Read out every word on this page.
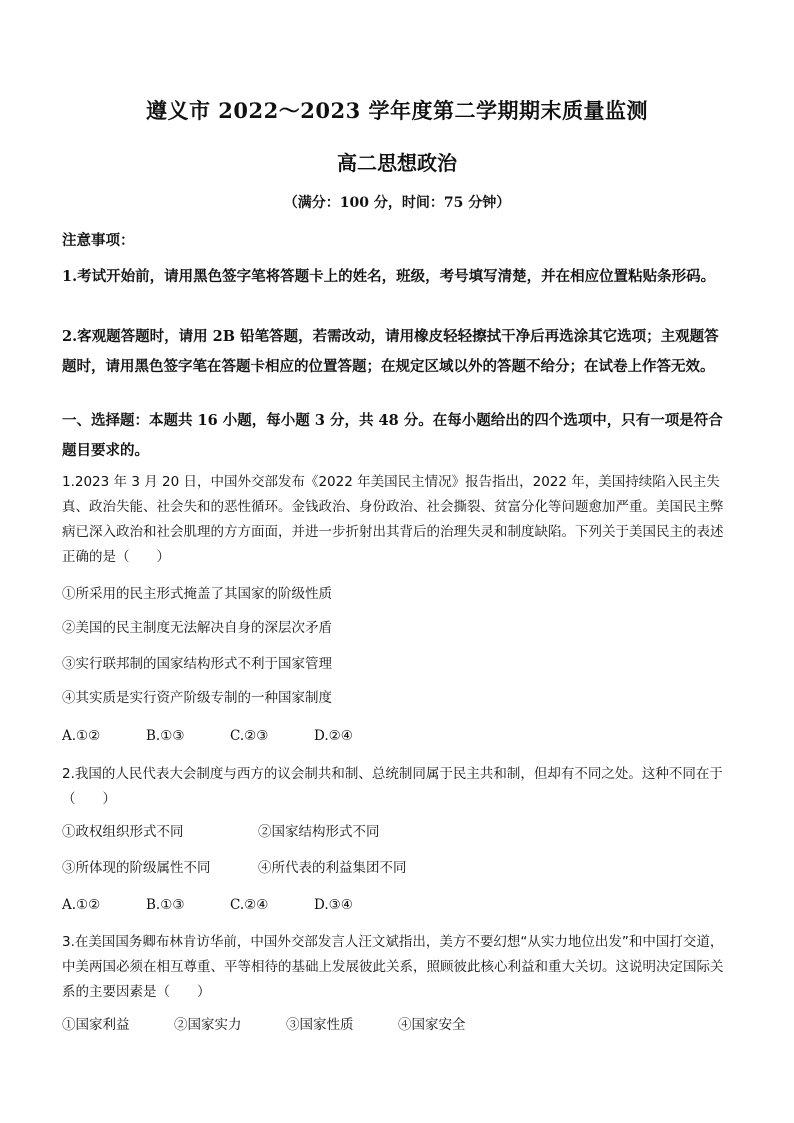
遵义市 2022～2023 学年度第二学期期末质量监测
高二思想政治
（满分：100 分，时间：75 分钟）
注意事项：
1.考试开始前，请用黑色签字笔将答题卡上的姓名，班级，考号填写清楚，并在相应位置粘贴条形码。
2.客观题答题时，请用 2B 铅笔答题，若需改动，请用橡皮轻轻擦拭干净后再选涂其它选项；主观题答题时，请用黑色签字笔在答题卡相应的位置答题；在规定区域以外的答题不给分；在试卷上作答无效。
一、选择题：本题共 16 小题，每小题 3 分，共 48 分。在每小题给出的四个选项中，只有一项是符合题目要求的。
1.2023 年 3 月 20 日，中国外交部发布《2022 年美国民主情况》报告指出，2022 年，美国持续陷入民主失真、政治失能、社会失和的恶性循环。金钱政治、身份政治、社会撕裂、贫富分化等问题愈加严重。美国民主弊病已深入政治和社会肌理的方方面面，并进一步折射出其背后的治理失灵和制度缺陷。下列关于美国民主的表述正确的是（　　）
①所采用的民主形式掩盖了其国家的阶级性质
②美国的民主制度无法解决自身的深层次矛盾
③实行联邦制的国家结构形式不利于国家管理
④其实质是实行资产阶级专制的一种国家制度
A.①②	B.①③	C.②③	D.②④
2.我国的人民代表大会制度与西方的议会制共和制、总统制同属于民主共和制，但却有不同之处。这种不同在于（　　）
①政权组织形式不同	②国家结构形式不同
③所体现的阶级属性不同	④所代表的利益集团不同
A.①②	B.①③	C.②④	D.③④
3.在美国国务卿布林肯访华前，中国外交部发言人汪文斌指出，美方不要幻想“从实力地位出发”和中国打交道，中美两国必须在相互尊重、平等相待的基础上发展彼此关系，照顾彼此核心利益和重大关切。这说明决定国际关系的主要因素是（　　）
①国家利益	②国家实力	③国家性质	④国家安全
